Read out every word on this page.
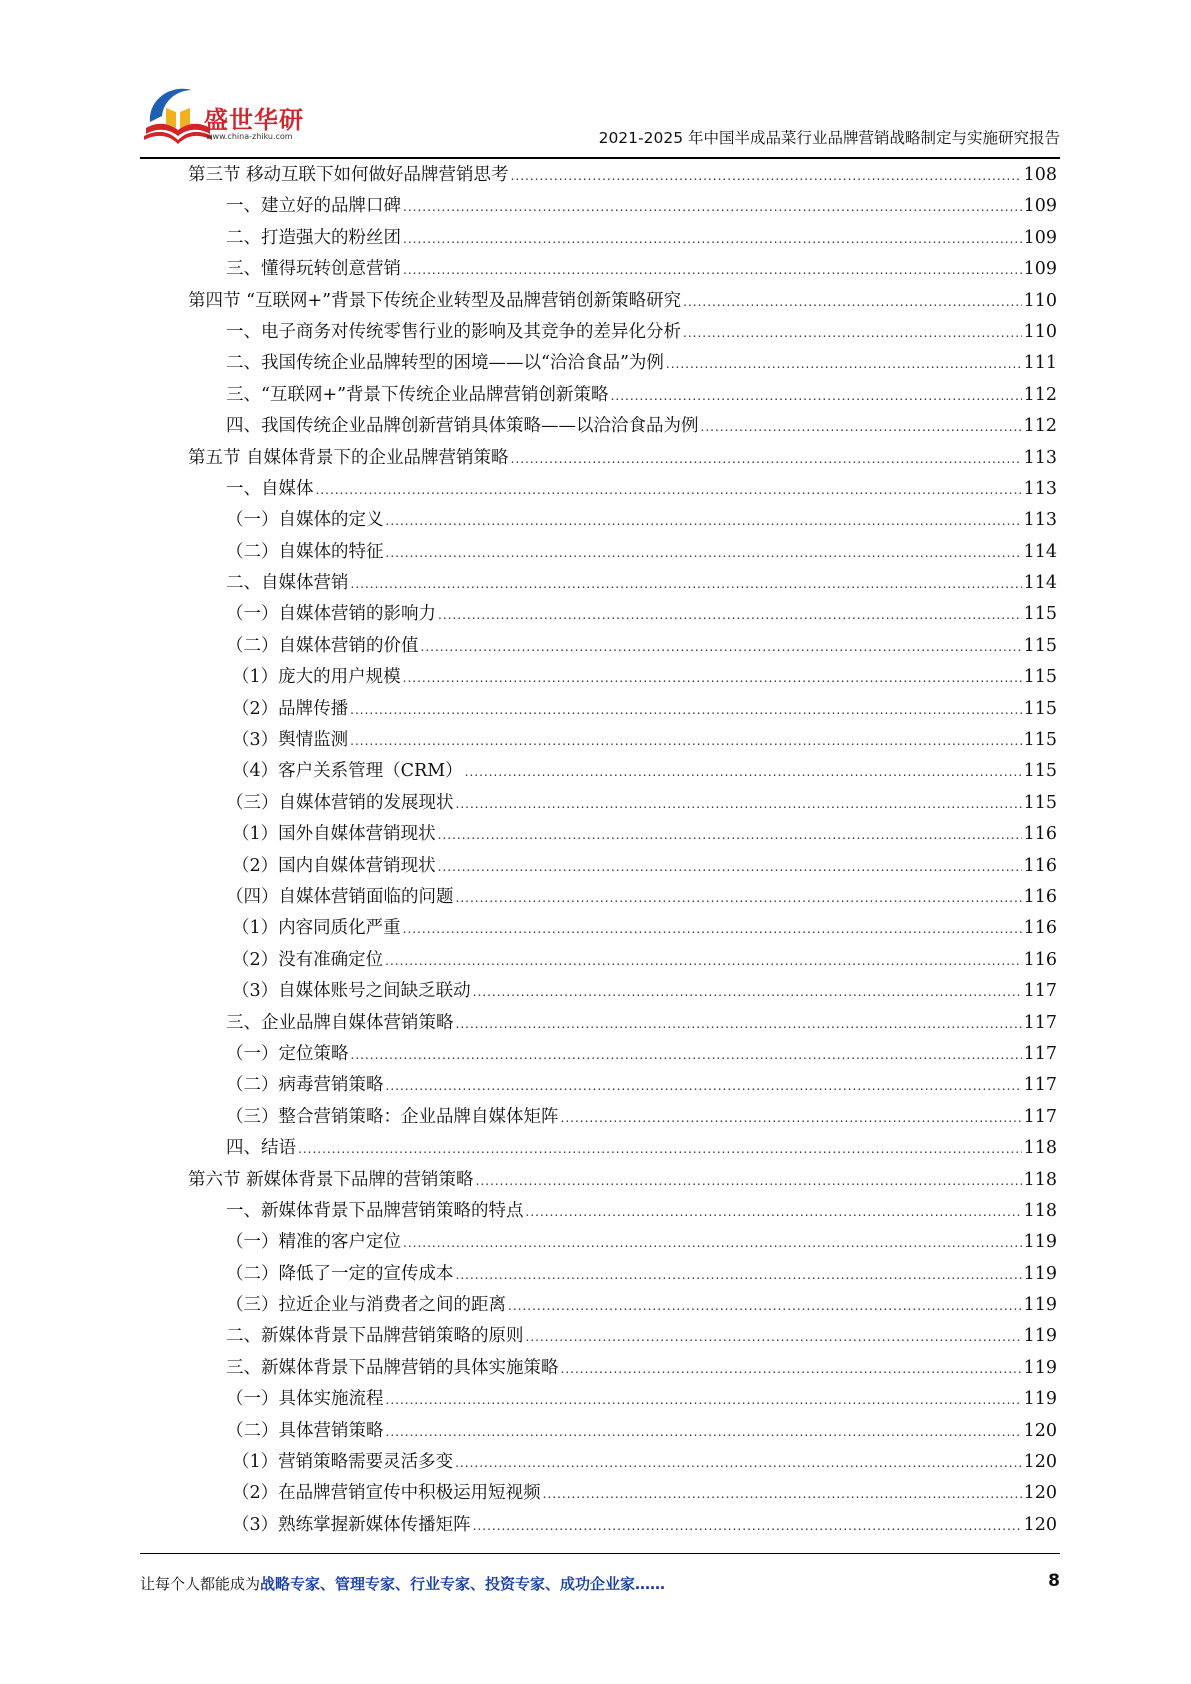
盛世华研
www.china-zhiku.com	2021-2025 年中国半成品菜行业品牌营销战略制定与实施研究报告
第三节 移动互联下如何做好品牌营销思考 .....	108
一、建立好的品牌口碑 .....	109
二、打造强大的粉丝团 .....	109
三、懂得玩转创意营销 .....	109
第四节 “互联网+”背景下传统企业转型及品牌营销创新策略研究 .....	110
一、电子商务对传统零售行业的影响及其竞争的差异化分析 .....	110
二、我国传统企业品牌转型的困境——以“洽洽食品”为例 .....	111
三、“互联网+”背景下传统企业品牌营销创新策略 .....	112
四、我国传统企业品牌创新营销具体策略——以洽洽食品为例 .....	112
第五节 自媒体背景下的企业品牌营销策略 .....	113
一、自媒体 .....	113
（一）自媒体的定义 .....	113
（二）自媒体的特征 .....	114
二、自媒体营销 .....	114
（一）自媒体营销的影响力 .....	115
（二）自媒体营销的价值 .....	115
（1）庞大的用户规模 .....	115
（2）品牌传播 .....	115
（3）舆情监测 .....	115
（4）客户关系管理（CRM） .....	115
（三）自媒体营销的发展现状 .....	115
（1）国外自媒体营销现状 .....	116
（2）国内自媒体营销现状 .....	116
（四）自媒体营销面临的问题 .....	116
（1）内容同质化严重 .....	116
（2）没有准确定位 .....	116
（3）自媒体账号之间缺乏联动 .....	117
三、企业品牌自媒体营销策略 .....	117
（一）定位策略 .....	117
（二）病毒营销策略 .....	117
（三）整合营销策略：企业品牌自媒体矩阵 .....	117
四、结语 .....	118
第六节 新媒体背景下品牌的营销策略 .....	118
一、新媒体背景下品牌营销策略的特点 .....	118
（一）精准的客户定位 .....	119
（二）降低了一定的宣传成本 .....	119
（三）拉近企业与消费者之间的距离 .....	119
二、新媒体背景下品牌营销策略的原则 .....	119
三、新媒体背景下品牌营销的具体实施策略 .....	119
（一）具体实施流程 .....	119
（二）具体营销策略 .....	120
（1）营销策略需要灵活多变 .....	120
（2）在品牌营销宣传中积极运用短视频 .....	120
（3）熟练掌握新媒体传播矩阵 .....	120
让每个人都能成为战略专家、管理专家、行业专家、投资专家、成功企业家……	8
